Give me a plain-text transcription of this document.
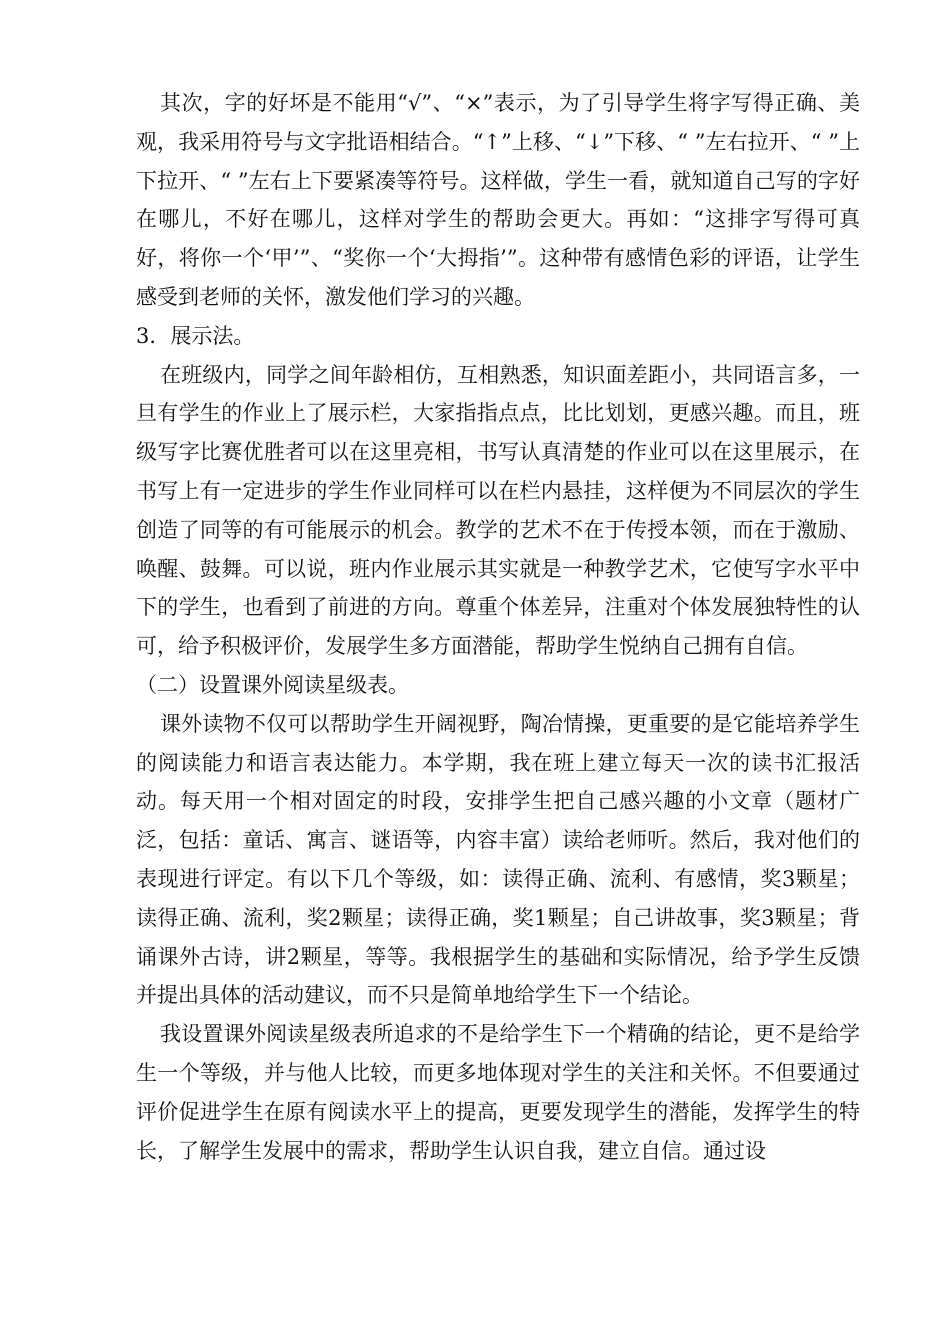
其次，字的好坏是不能用“√”、“×”表示，为了引导学生将字写得正确、美观，我采用符号与文字批语相结合。“↑”上移、“↓”下移、“ ”左右拉开、“ ”上下拉开、“ ”左右上下要紧凑等符号。这样做，学生一看，就知道自己写的字好在哪儿，不好在哪儿，这样对学生的帮助会更大。再如：“这排字写得可真好，将你一个‘甲’”、“奖你一个‘大拇指’”。这种带有感情色彩的评语，让学生感受到老师的关怀，激发他们学习的兴趣。

3．展示法。

在班级内，同学之间年龄相仿，互相熟悉，知识面差距小，共同语言多，一旦有学生的作业上了展示栏，大家指指点点，比比划划，更感兴趣。而且，班级写字比赛优胜者可以在这里亮相，书写认真清楚的作业可以在这里展示，在书写上有一定进步的学生作业同样可以在栏内悬挂，这样便为不同层次的学生创造了同等的有可能展示的机会。教学的艺术不在于传授本领，而在于激励、唤醒、鼓舞。可以说，班内作业展示其实就是一种教学艺术，它使写字水平中下的学生，也看到了前进的方向。尊重个体差异，注重对个体发展独特性的认可，给予积极评价，发展学生多方面潜能，帮助学生悦纳自己拥有自信。

（二）设置课外阅读星级表。

课外读物不仅可以帮助学生开阔视野，陶冶情操，更重要的是它能培养学生的阅读能力和语言表达能力。本学期，我在班上建立每天一次的读书汇报活动。每天用一个相对固定的时段，安排学生把自己感兴趣的小文章（题材广泛，包括：童话、寓言、谜语等，内容丰富）读给老师听。然后，我对他们的表现进行评定。有以下几个等级，如：读得正确、流利、有感情，奖3颗星；读得正确、流利，奖2颗星；读得正确，奖1颗星；自己讲故事，奖3颗星；背诵课外古诗，讲2颗星，等等。我根据学生的基础和实际情况，给予学生反馈并提出具体的活动建议，而不只是简单地给学生下一个结论。

我设置课外阅读星级表所追求的不是给学生下一个精确的结论，更不是给学生一个等级，并与他人比较，而更多地体现对学生的关注和关怀。不但要通过评价促进学生在原有阅读水平上的提高，更要发现学生的潜能，发挥学生的特长，了解学生发展中的需求，帮助学生认识自我，建立自信。通过设
